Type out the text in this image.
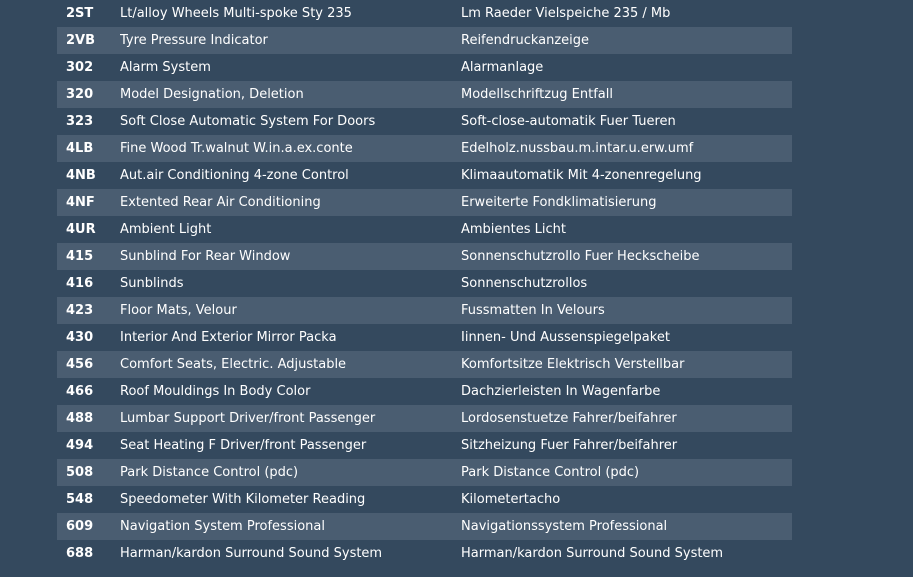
2ST	Lt/alloy Wheels Multi-spoke Sty 235	Lm Raeder Vielspeiche 235 / Mb
2VB	Tyre Pressure Indicator	Reifendruckanzeige
302	Alarm System	Alarmanlage
320	Model Designation, Deletion	Modellschriftzug Entfall
323	Soft Close Automatic System For Doors	Soft-close-automatik Fuer Tueren
4LB	Fine Wood Tr.walnut W.in.a.ex.conte	Edelholz.nussbau.m.intar.u.erw.umf
4NB	Aut.air Conditioning 4-zone Control	Klimaautomatik Mit 4-zonenregelung
4NF	Extented Rear Air Conditioning	Erweiterte Fondklimatisierung
4UR	Ambient Light	Ambientes Licht
415	Sunblind For Rear Window	Sonnenschutzrollo Fuer Heckscheibe
416	Sunblinds	Sonnenschutzrollos
423	Floor Mats, Velour	Fussmatten In Velours
430	Interior And Exterior Mirror Packa	Iinnen- Und Aussenspiegelpaket
456	Comfort Seats, Electric. Adjustable	Komfortsitze Elektrisch Verstellbar
466	Roof Mouldings In Body Color	Dachzierleisten In Wagenfarbe
488	Lumbar Support Driver/front Passenger	Lordosenstuetze Fahrer/beifahrer
494	Seat Heating F Driver/front Passenger	Sitzheizung Fuer Fahrer/beifahrer
508	Park Distance Control (pdc)	Park Distance Control (pdc)
548	Speedometer With Kilometer Reading	Kilometertacho
609	Navigation System Professional	Navigationssystem Professional
688	Harman/kardon Surround Sound System	Harman/kardon Surround Sound System
